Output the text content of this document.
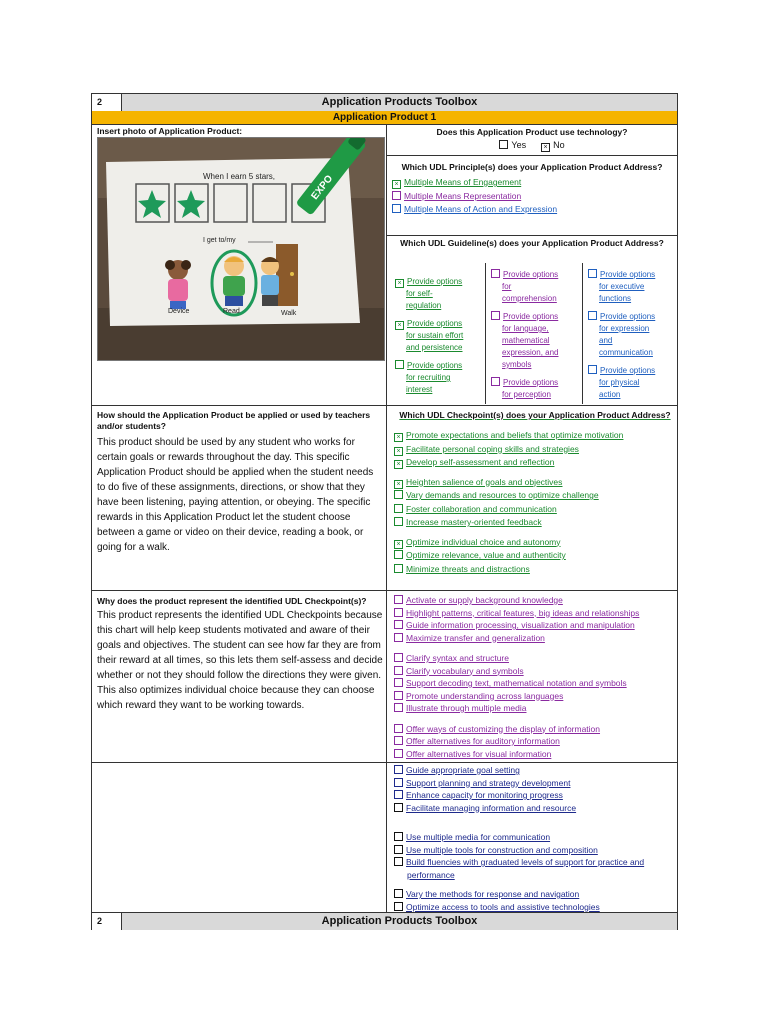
2	Application Products Toolbox
Application Product 1
Insert photo of Application Product:
When I earn 5 stars,
I get to/my
Device	Read	Walk
EXPO
Does this Application Product use technology?
Yes × No
Which UDL Principle(s) does your Application Product Address?
× Multiple Means of Engagement
Multiple Means Representation
Multiple Means of Action and Expression
Which UDL Guideline(s) does your Application Product Address?
× Provide options
for self-
regulation
× Provide options
for sustain effort
and persistence
Provide options
for recruiting
interest
Provide options
for
comprehension
Provide options
for language,
mathematical
expression, and
symbols
Provide options
for perception
Provide options
for executive
functions
Provide options
for expression
and
communication
Provide options
for physical
action
How should the Application Product be applied or used by teachers and/or students?
This product should be used by any student who works for certain goals or rewards throughout the day. This specific Application Product should be applied when the student needs to do five of these assignments, directions, or show that they have been listening, paying attention, or obeying. The specific rewards in this Application Product let the student choose between a game or video on their device, reading a book, or going for a walk.
Which UDL Checkpoint(s) does your Application Product Address?
× Promote expectations and beliefs that optimize motivation
× Facilitate personal coping skills and strategies
× Develop self-assessment and reflection
× Heighten salience of goals and objectives
Vary demands and resources to optimize challenge
Foster collaboration and communication
Increase mastery-oriented feedback
× Optimize individual choice and autonomy
Optimize relevance, value and authenticity
Minimize threats and distractions
Why does the product represent the identified UDL Checkpoint(s)?
This product represents the identified UDL Checkpoints because this chart will help keep students motivated and aware of their goals and objectives. The student can see how far they are from their reward at all times, so this lets them self-assess and decide whether or not they should follow the directions they were given. This also optimizes individual choice because they can choose which reward they want to be working towards.
Activate or supply background knowledge
Highlight patterns, critical features, big ideas and relationships
Guide information processing, visualization and manipulation
Maximize transfer and generalization
Clarify syntax and structure
Clarify vocabulary and symbols
Support decoding text, mathematical notation and symbols
Promote understanding across languages
Illustrate through multiple media
Offer ways of customizing the display of information
Offer alternatives for auditory information
Offer alternatives for visual information
Guide appropriate goal setting
Support planning and strategy development
Enhance capacity for monitoring progress
Facilitate managing information and resource
Use multiple media for communication
Use multiple tools for construction and composition
Build fluencies with graduated levels of support for practice and
performance
Vary the methods for response and navigation
Optimize access to tools and assistive technologies
2	Application Products Toolbox
